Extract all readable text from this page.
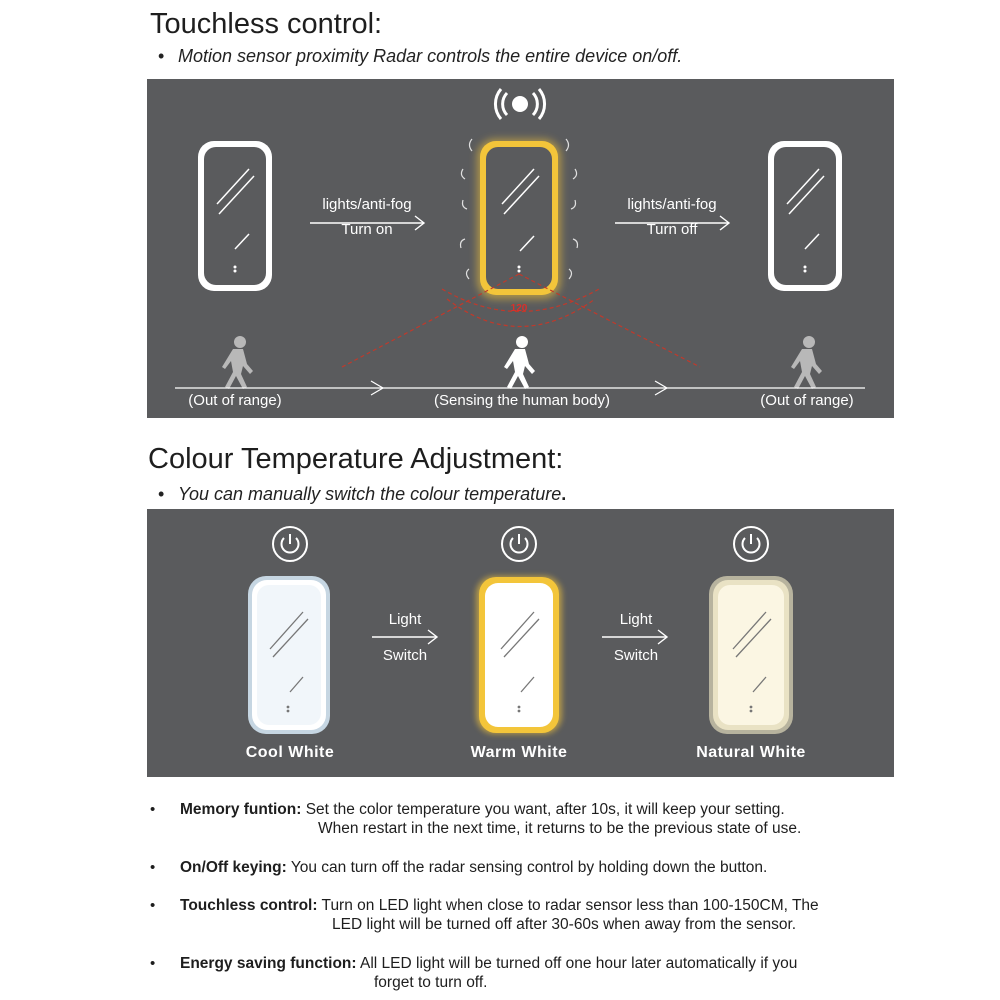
Touchless control:
• Motion sensor proximity Radar controls the entire device on/off.
120
lights/anti-fog
Turn on
lights/anti-fog
Turn off
(Out of range)	(Sensing the human body)	(Out of range)
Colour Temperature Adjustment:
• You can manually switch the colour temperature.
Light
Switch
Light
Switch
Cool White	Warm White	Natural White
• Memory funtion: Set the color temperature you want, after 10s, it will keep your setting.
When restart in the next time, it returns to be the previous state of use.
• On/Off keying: You can turn off the radar sensing control by holding down the button.
• Touchless control: Turn on LED light when close to radar sensor less than 100-150CM, The
LED light will be turned off after 30-60s when away from the sensor.
• Energy saving function: All LED light will be turned off one hour later automatically if you
forget to turn off.
